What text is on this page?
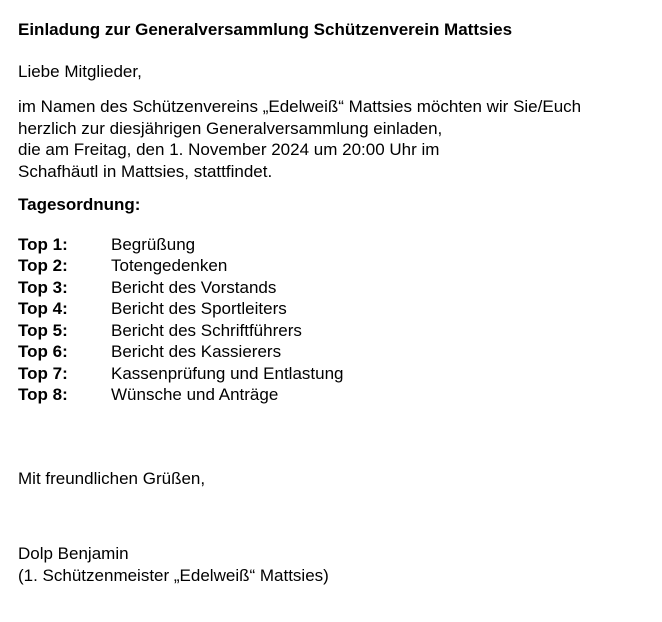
Einladung zur Generalversammlung Schützenverein Mattsies
Liebe Mitglieder,
im Namen des Schützenvereins „Edelweiß“ Mattsies möchten wir Sie/Euch
herzlich zur diesjährigen Generalversammlung einladen,
die am Freitag, den 1. November 2024 um 20:00 Uhr im
Schafhäutl in Mattsies, stattfindet.
Tagesordnung:
Top 1:	Begrüßung
Top 2:	Totengedenken
Top 3:	Bericht des Vorstands
Top 4:	Bericht des Sportleiters
Top 5:	Bericht des Schriftführers
Top 6:	Bericht des Kassierers
Top 7:	Kassenprüfung und Entlastung
Top 8:	Wünsche und Anträge
Mit freundlichen Grüßen,
Dolp Benjamin
(1. Schützenmeister „Edelweiß“ Mattsies)
